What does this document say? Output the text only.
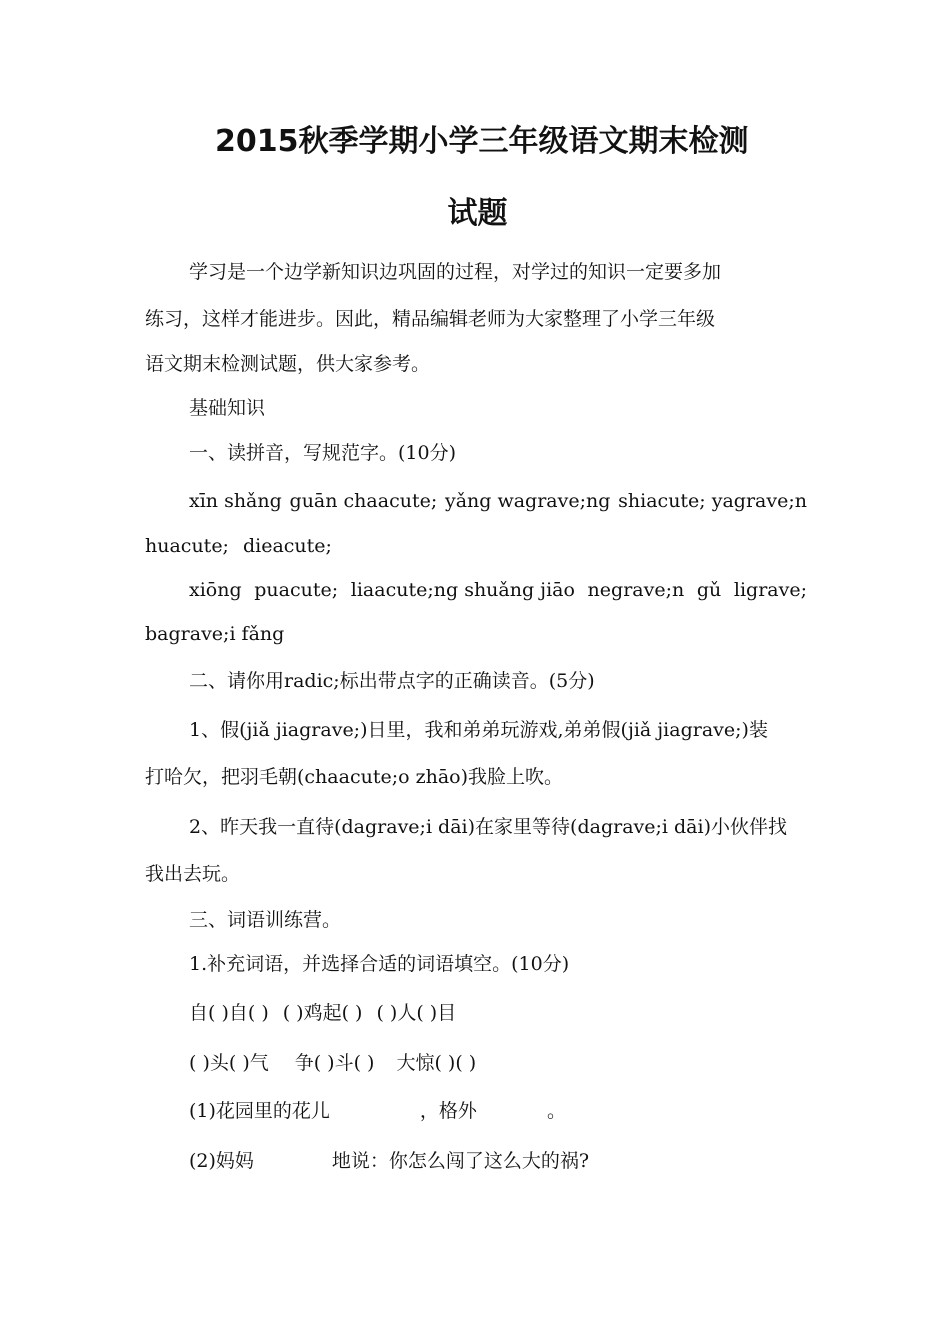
2015秋季学期小学三年级语文期末检测
试题
学习是一个边学新知识边巩固的过程，对学过的知识一定要多加
练习，这样才能进步。因此，精品编辑老师为大家整理了小学三年级
语文期末检测试题，供大家参考。
基础知识
一、读拼音，写规范字。(10分)
xīn shǎng guān chaacute; yǎng wagrave;ng shiacute; yagrave;n
huacute; dieacute;
xiōng puacute; liaacute;ng shuǎng jiāo negrave;n gǔ ligrave;
bagrave;i fǎng
二、请你用radic;标出带点字的正确读音。(5分)
1、假(jiǎ jiagrave;)日里，我和弟弟玩游戏,弟弟假(jiǎ jiagrave;)装
打哈欠，把羽毛朝(chaacute;o zhāo)我脸上吹。
2、昨天我一直待(dagrave;i dāi)在家里等待(dagrave;i dāi)小伙伴找
我出去玩。
三、词语训练营。
1.补充词语，并选择合适的词语填空。(10分)
自( )自( ) ( )鸡起( ) ( )人( )目
( )头( )气 争( )斗( ) 大惊( )( )
(1)花园里的花儿	，格外	。
(2)妈妈	地说：你怎么闯了这么大的祸?
